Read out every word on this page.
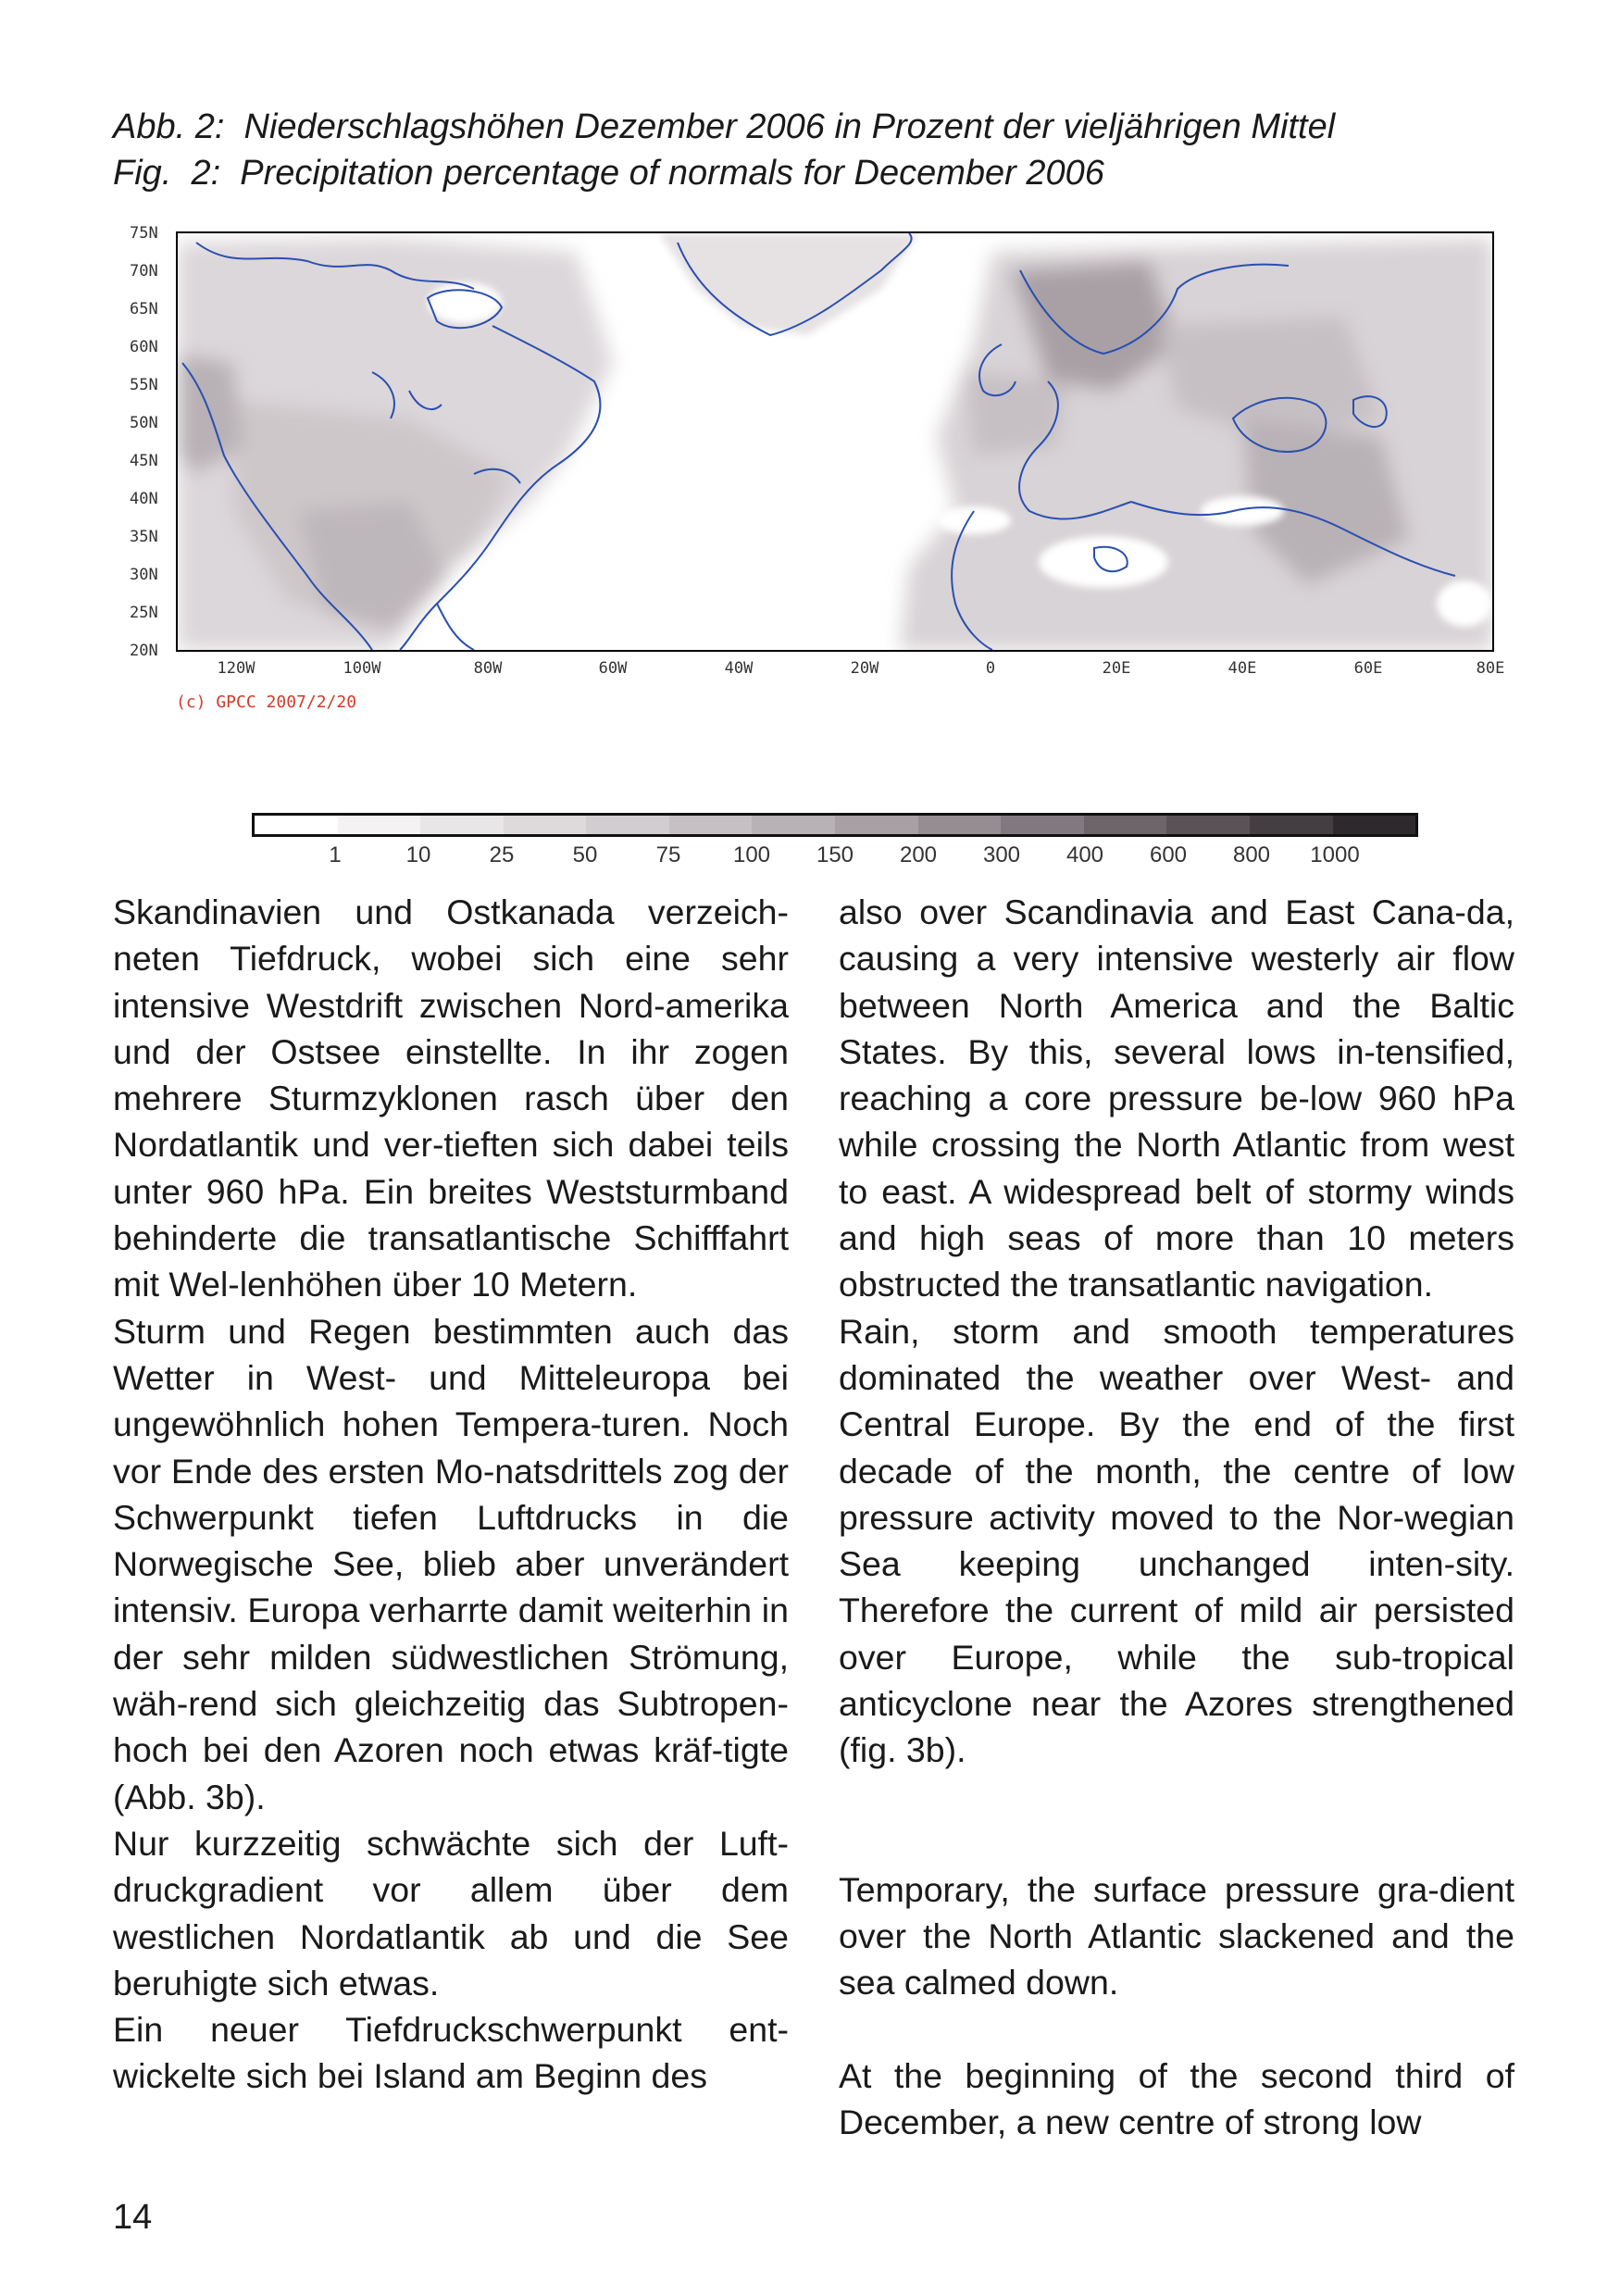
Abb. 2:  Niederschlagshöhen Dezember 2006 in Prozent der vieljährigen Mittel
Fig.  2:  Precipitation percentage of normals for December 2006
75N
70N
65N
60N
55N
50N
45N
40N
35N
30N
25N
20N
120W	100W	80W	60W	40W	20W	0	20E	40E	60E	80E
(c) GPCC 2007/2/20
1	10	25	50	75 100 150 200 300 400 600 800 1000

Skandinavien und Ostkanada verzeich-neten Tiefdruck, wobei sich eine sehr intensive Westdrift zwischen Nord-amerika und der Ostsee einstellte. In ihr zogen mehrere Sturmzyklonen rasch über den Nordatlantik und ver-tieften sich dabei teils unter 960 hPa. Ein breites Weststurmband behinderte die transatlantische Schifffahrt mit Wel-lenhöhen über 10 Metern.

Sturm und Regen bestimmten auch das Wetter in West- und Mitteleuropa bei ungewöhnlich hohen Tempera-turen. Noch vor Ende des ersten Mo-natsdrittels zog der Schwerpunkt tiefen Luftdrucks in die Norwegische See, blieb aber unverändert intensiv. Europa verharrte damit weiterhin in der sehr milden südwestlichen Strömung, wäh-rend sich gleichzeitig das Subtropen-hoch bei den Azoren noch etwas kräf-tigte (Abb. 3b).

Nur kurzzeitig schwächte sich der Luft-druckgradient vor allem über dem westlichen Nordatlantik ab und die See beruhigte sich etwas.

Ein neuer Tiefdruckschwerpunkt ent-wickelte sich bei Island am Beginn des

also over Scandinavia and East Cana-da, causing a very intensive westerly air flow between North America and the Baltic States. By this, several lows in-tensified, reaching a core pressure be-low 960 hPa while crossing the North Atlantic from west to east. A widespread belt of stormy winds and high seas of more than 10 meters obstructed the transatlantic navigation.

Rain, storm and smooth temperatures dominated the weather over West- and Central Europe. By the end of the first decade of the month, the centre of low pressure activity moved to the Nor-wegian Sea keeping unchanged inten-sity. Therefore the current of mild air persisted over Europe, while the sub-tropical anticyclone near the Azores strengthened (fig. 3b).

Temporary, the surface pressure gra-dient over the North Atlantic slackened and the sea calmed down.

At the beginning of the second third of December, a new centre of strong low

14
